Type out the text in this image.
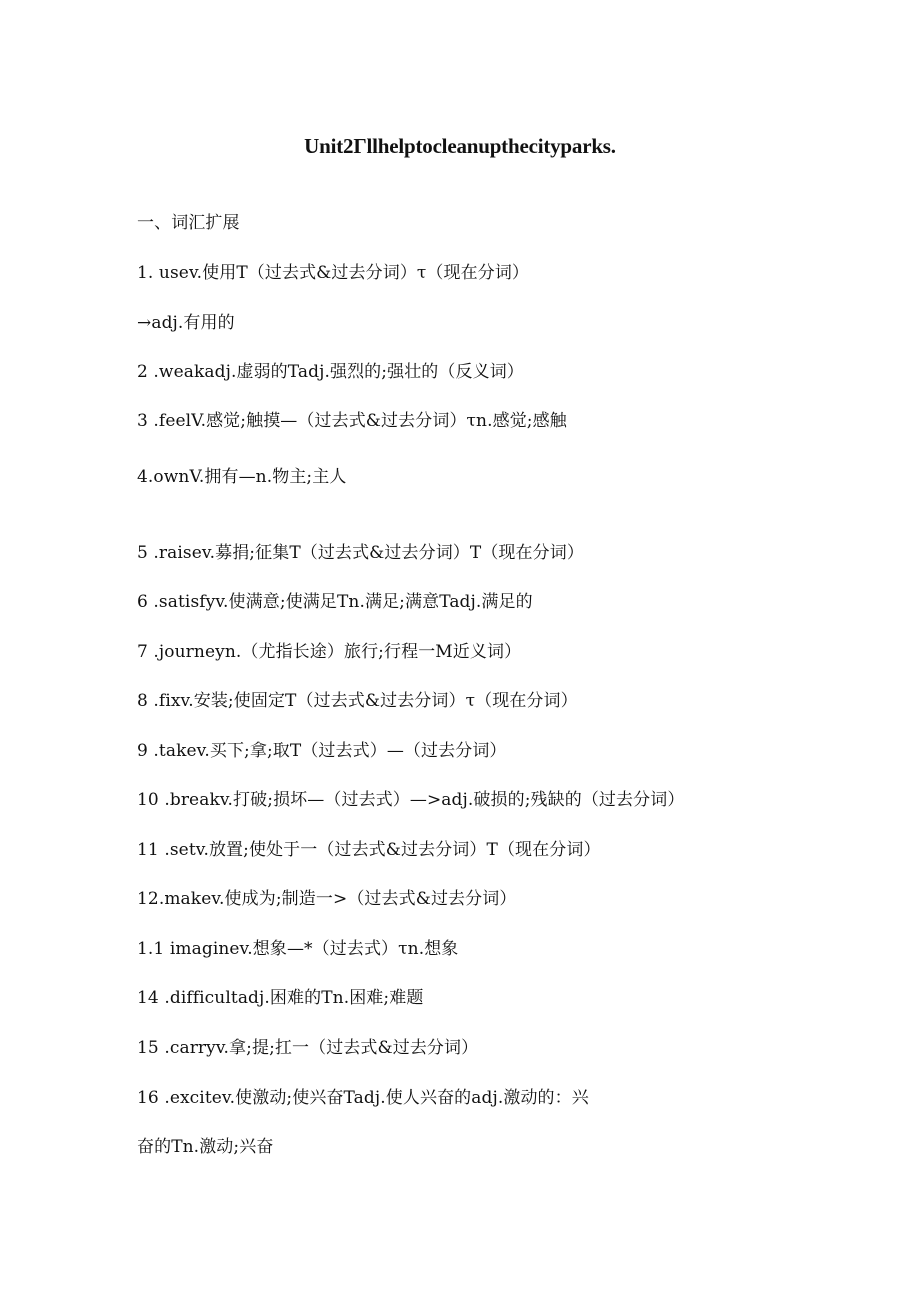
Unit2Γllhelptocleanupthecityparks.
一、词汇扩展
1. usev.使用T（过去式&过去分词）τ（现在分词）
→adj.有用的
2 .weakadj.虚弱的Tadj.强烈的;强壮的（反义词）
3 .feelV.感觉;触摸—（过去式&过去分词）τn.感觉;感触
4.ownV.拥有—n.物主;主人
5 .raisev.募捐;征集T（过去式&过去分词）T（现在分词）
6 .satisfyv.使满意;使满足Tn.满足;满意Tadj.满足的
7 .journeyn.（尤指长途）旅行;行程一M近义词）
8 .fixv.安装;使固定T（过去式&过去分词）τ（现在分词）
9 .takev.买下;拿;取T（过去式）—（过去分词）
10 .breakv.打破;损坏—（过去式）—>adj.破损的;残缺的（过去分词）
11 .setv.放置;使处于一（过去式&过去分词）T（现在分词）
12.makev.使成为;制造一>（过去式&过去分词）
1.1 imaginev.想象—*（过去式）τn.想象
14 .difficultadj.困难的Tn.困难;难题
15 .carryv.拿;提;扛一（过去式&过去分词）
16 .excitev.使激动;使兴奋Tadj.使人兴奋的adj.激动的：兴
奋的Tn.激动;兴奋
